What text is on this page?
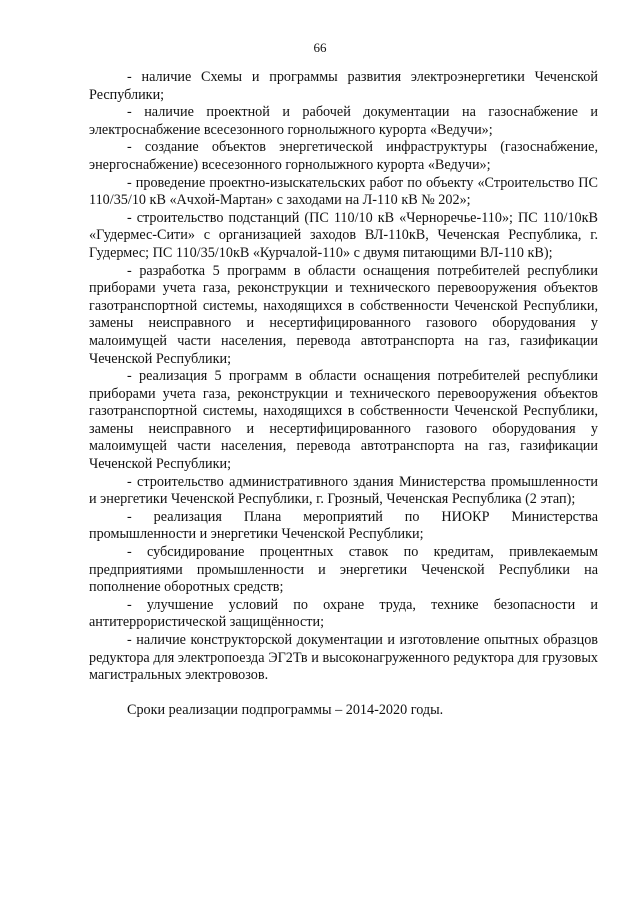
66

- наличие Схемы и программы развития электроэнергетики Чеченской Республики;

- наличие проектной и рабочей документации на газоснабжение и электроснабжение всесезонного горнолыжного курорта «Ведучи»;

- создание объектов энергетической инфраструктуры (газоснабжение, энергоснабжение) всесезонного горнолыжного курорта «Ведучи»;

- проведение проектно-изыскательских работ по объекту «Строительство ПС 110/35/10 кВ «Ачхой-Мартан» с заходами на Л-110 кВ № 202»;

- строительство подстанций (ПС 110/10 кВ «Черноречье-110»; ПС 110/10кВ «Гудермес-Сити» с организацией заходов ВЛ-110кВ, Чеченская Республика, г. Гудермес; ПС 110/35/10кВ «Курчалой-110» с двумя питающими ВЛ-110 кВ);

- разработка 5 программ в области оснащения потребителей республики приборами учета газа, реконструкции и технического перевооружения объектов газотранспортной системы, находящихся в собственности Чеченской Республики, замены неисправного и несертифицированного газового оборудования у малоимущей части населения, перевода автотранспорта на газ, газификации Чеченской Республики;

- реализация 5 программ в области оснащения потребителей республики приборами учета газа, реконструкции и технического перевооружения объектов газотранспортной системы, находящихся в собственности Чеченской Республики, замены неисправного и несертифицированного газового оборудования у малоимущей части населения, перевода автотранспорта на газ, газификации Чеченской Республики;

- строительство административного здания Министерства промышленности и энергетики Чеченской Республики, г. Грозный, Чеченская Республика (2 этап);

- реализация Плана мероприятий по НИОКР Министерства промышленности и энергетики Чеченской Республики;

- субсидирование процентных ставок по кредитам, привлекаемым предприятиями промышленности и энергетики Чеченской Республики на пополнение оборотных средств;

- улучшение условий по охране труда, технике безопасности и антитеррористической защищённости;

- наличие конструкторской документации и изготовление опытных образцов редуктора для электропоезда ЭГ2Тв и высоконагруженного редуктора для грузовых магистральных электровозов.

Сроки реализации подпрограммы – 2014-2020 годы.
